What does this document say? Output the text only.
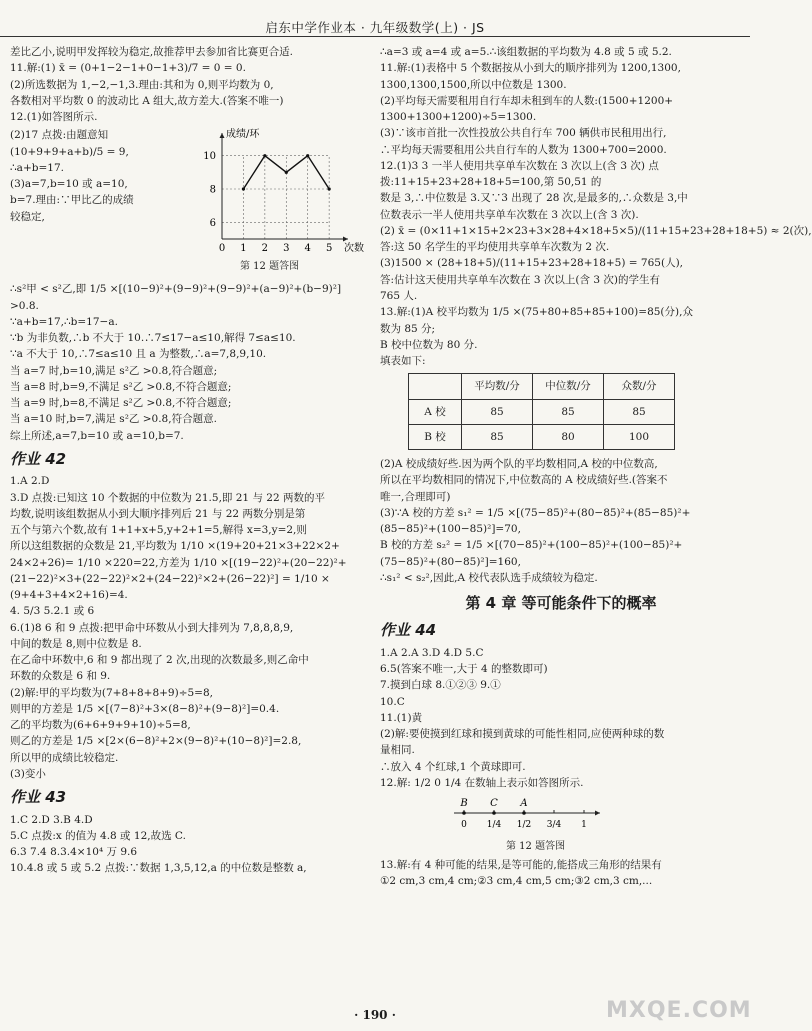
启东中学作业本 · 九年级数学(上) · JS
差比乙小,说明甲发挥较为稳定,故推荐甲去参加省比赛更合适.
11.解:(1) x̄ = (0+1−2−1+0−1+3)/7 = 0 = 0.
(2)所选数据为 1,−2,−1,3.理由:其和为 0,则平均数为 0,
各数相对平均数 0 的波动比 A 组大,故方差大.(答案不唯一)
12.(1)如答图所示.
(2)17 点拨:由题意知
(10+9+9+a+b)/5 = 9,
∴a+b=17.
(3)a=7,b=10 或 a=10,
b=7.理由:∵甲比乙的成绩
较稳定,
6
8
10
0 1 2 3 4 5
成绩/环
次数
第 12 题答图
∴s²甲 < s²乙,即 1/5 ×[(10−9)²+(9−9)²+(9−9)²+(a−9)²+(b−9)²]
>0.8.
∵a+b=17,∴b=17−a.
∵b 为非负数,∴b 不大于 10.∴7≤17−a≤10,解得 7≤a≤10.
∵a 不大于 10,∴7≤a≤10 且 a 为整数,∴a=7,8,9,10.
当 a=7 时,b=10,满足 s²乙 >0.8,符合题意;
当 a=8 时,b=9,不满足 s²乙 >0.8,不符合题意;
当 a=9 时,b=8,不满足 s²乙 >0.8,不符合题意;
当 a=10 时,b=7,满足 s²乙 >0.8,符合题意.
综上所述,a=7,b=10 或 a=10,b=7.
作业 42
1.A 2.D
3.D 点拨:已知这 10 个数据的中位数为 21.5,即 21 与 22 两数的平
均数,说明该组数据从小到大顺序排列后 21 与 22 两数分别是第
五个与第六个数,故有 1+1+x+5,y+2+1=5,解得 x=3,y=2,则
所以这组数据的众数是 21,平均数为 1/10 ×(19+20+21×3+22×2+
24×2+26)= 1/10 ×220=22,方差为 1/10 ×[(19−22)²+(20−22)²+
(21−22)²×3+(22−22)²×2+(24−22)²×2+(26−22)²] = 1/10 ×
(9+4+3+4×2+16)=4.
4. 5/3 5.2.1 或 6
6.(1)8 6 和 9 点拨:把甲命中环数从小到大排列为 7,8,8,8,9,
中间的数是 8,则中位数是 8.
在乙命中环数中,6 和 9 都出现了 2 次,出现的次数最多,则乙命中
环数的众数是 6 和 9.
(2)解:甲的平均数为(7+8+8+8+9)÷5=8,
则甲的方差是 1/5 ×[(7−8)²+3×(8−8)²+(9−8)²]=0.4.
乙的平均数为(6+6+9+9+10)÷5=8,
则乙的方差是 1/5 ×[2×(6−8)²+2×(9−8)²+(10−8)²]=2.8,
所以甲的成绩比较稳定.
(3)变小
作业 43
1.C 2.D 3.B 4.D
5.C 点拨:x 的值为 4.8 或 12,故选 C.
6.3 7.4 8.3.4×10⁴ 万 9.6
10.4.8 或 5 或 5.2 点拨:∵数据 1,3,5,12,a 的中位数是整数 a,
∴a=3 或 a=4 或 a=5.∴该组数据的平均数为 4.8 或 5 或 5.2.
11.解:(1)表格中 5 个数据按从小到大的顺序排列为 1200,1300,
1300,1300,1500,所以中位数是 1300.
(2)平均每天需要租用自行车却未租到车的人数:(1500+1200+
1300+1300+1200)÷5=1300.
(3)∵该市首批一次性投放公共自行车 700 辆供市民租用出行,
∴平均每天需要租用公共自行车的人数为 1300+700=2000.
12.(1)3 3 一半人使用共享单车次数在 3 次以上(含 3 次) 点
拨:11+15+23+28+18+5=100,第 50,51 的
数是 3,∴中位数是 3.又∵3 出现了 28 次,是最多的,∴众数是 3,中
位数表示一半人使用共享单车次数在 3 次以上(含 3 次).
(2) x̄ = (0×11+1×15+2×23+3×28+4×18+5×5)/(11+15+23+28+18+5) ≈ 2(次),
答:这 50 名学生的平均使用共享单车次数为 2 次.
(3)1500 × (28+18+5)/(11+15+23+28+18+5) = 765(人),
答:估计这天使用共享单车次数在 3 次以上(含 3 次)的学生有
765 人.
13.解:(1)A 校平均数为 1/5 ×(75+80+85+85+100)=85(分),众
数为 85 分;
B 校中位数为 80 分.
填表如下:
	平均数/分	中位数/分	众数/分
A 校	85	85	85
B 校	85	80	100
(2)A 校成绩好些.因为两个队的平均数相同,A 校的中位数高,
所以在平均数相同的情况下,中位数高的 A 校成绩好些.(答案不
唯一,合理即可)
(3)∵A 校的方差 s₁² = 1/5 ×[(75−85)²+(80−85)²+(85−85)²+
(85−85)²+(100−85)²]=70,
B 校的方差 s₂² = 1/5 ×[(70−85)²+(100−85)²+(100−85)²+
(75−85)²+(80−85)²]=160,
∴s₁² < s₂²,因此,A 校代表队选手成绩较为稳定.
第 4 章 等可能条件下的概率
作业 44
1.A 2.A 3.D 4.D 5.C
6.5(答案不唯一,大于 4 的整数即可)
7.摸到白球 8.①②③ 9.①
10.C
11.(1)黄
(2)解:要使摸到红球和摸到黄球的可能性相同,应使两种球的数
量相同.
∴放入 4 个红球,1 个黄球即可.
12.解: 1/2 0 1/4 在数轴上表示如答图所示.
0 1/4 1/2 3/4 1
B C A
第 12 题答图
13.解:有 4 种可能的结果,是等可能的,能搭成三角形的结果有
①2 cm,3 cm,4 cm;②3 cm,4 cm,5 cm;③2 cm,3 cm,...
· 190 ·	MXQE.COM
